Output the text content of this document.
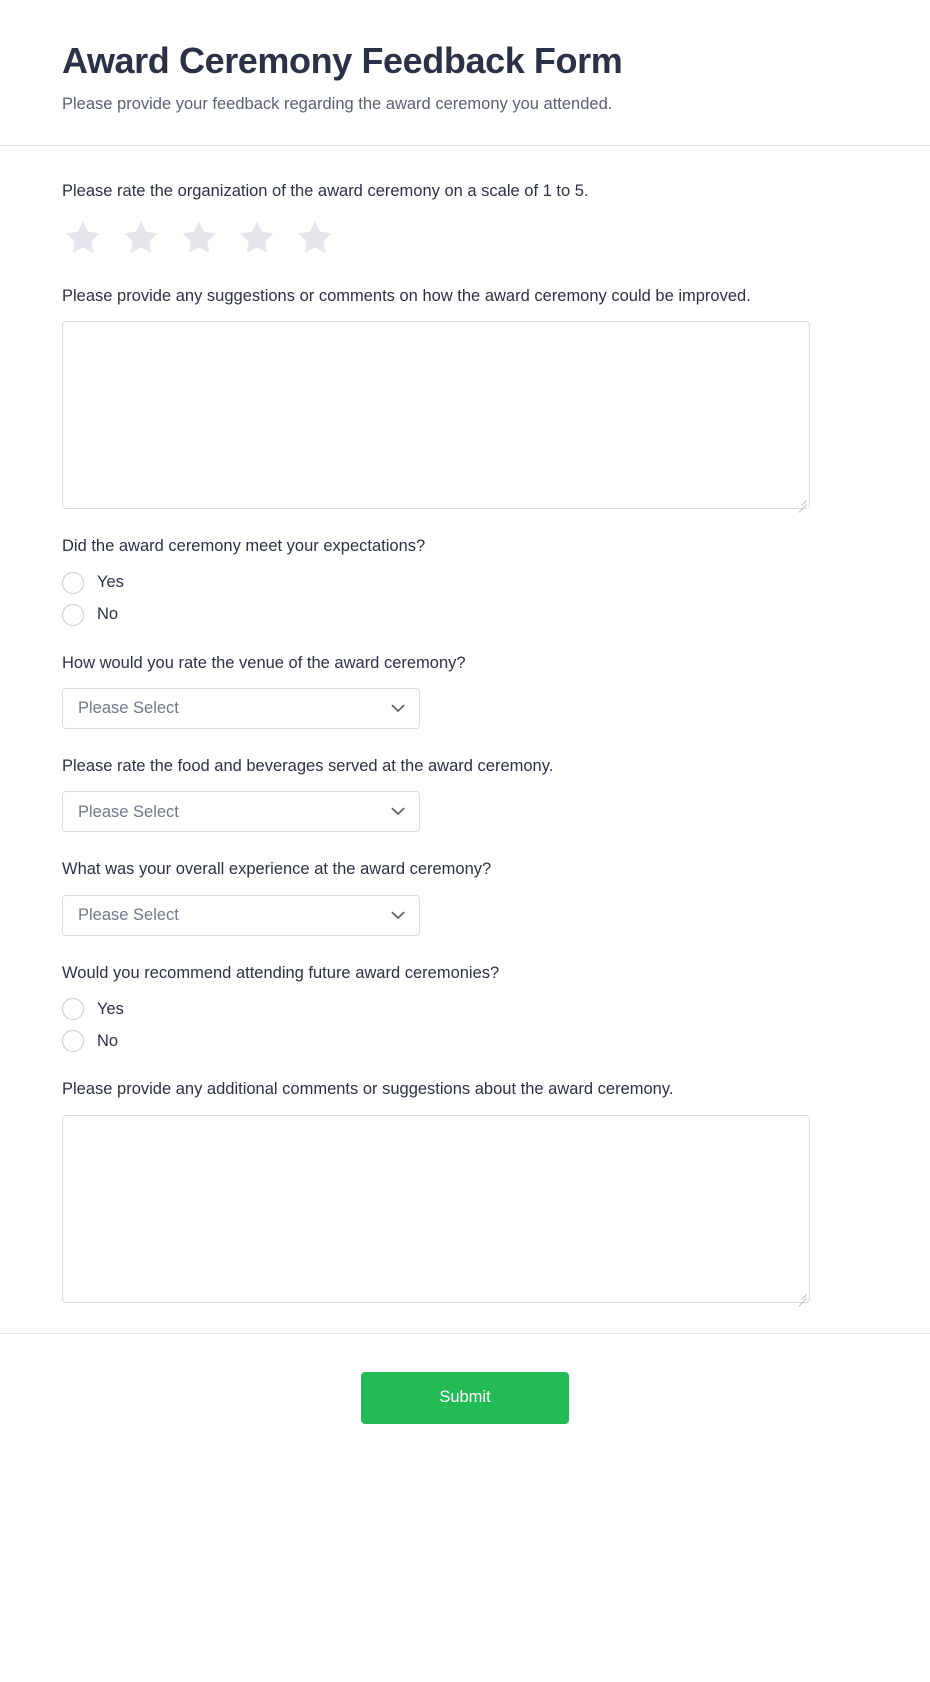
Award Ceremony Feedback Form

Please provide your feedback regarding the award ceremony you attended.

Please rate the organization of the award ceremony on a scale of 1 to 5.
Please provide any suggestions or comments on how the award ceremony could be improved.
Did the award ceremony meet your expectations?
Yes
No
How would you rate the venue of the award ceremony?
Please Select
Please rate the food and beverages served at the award ceremony.
Please Select
What was your overall experience at the award ceremony?
Please Select
Would you recommend attending future award ceremonies?
Yes
No
Please provide any additional comments or suggestions about the award ceremony.
Submit
